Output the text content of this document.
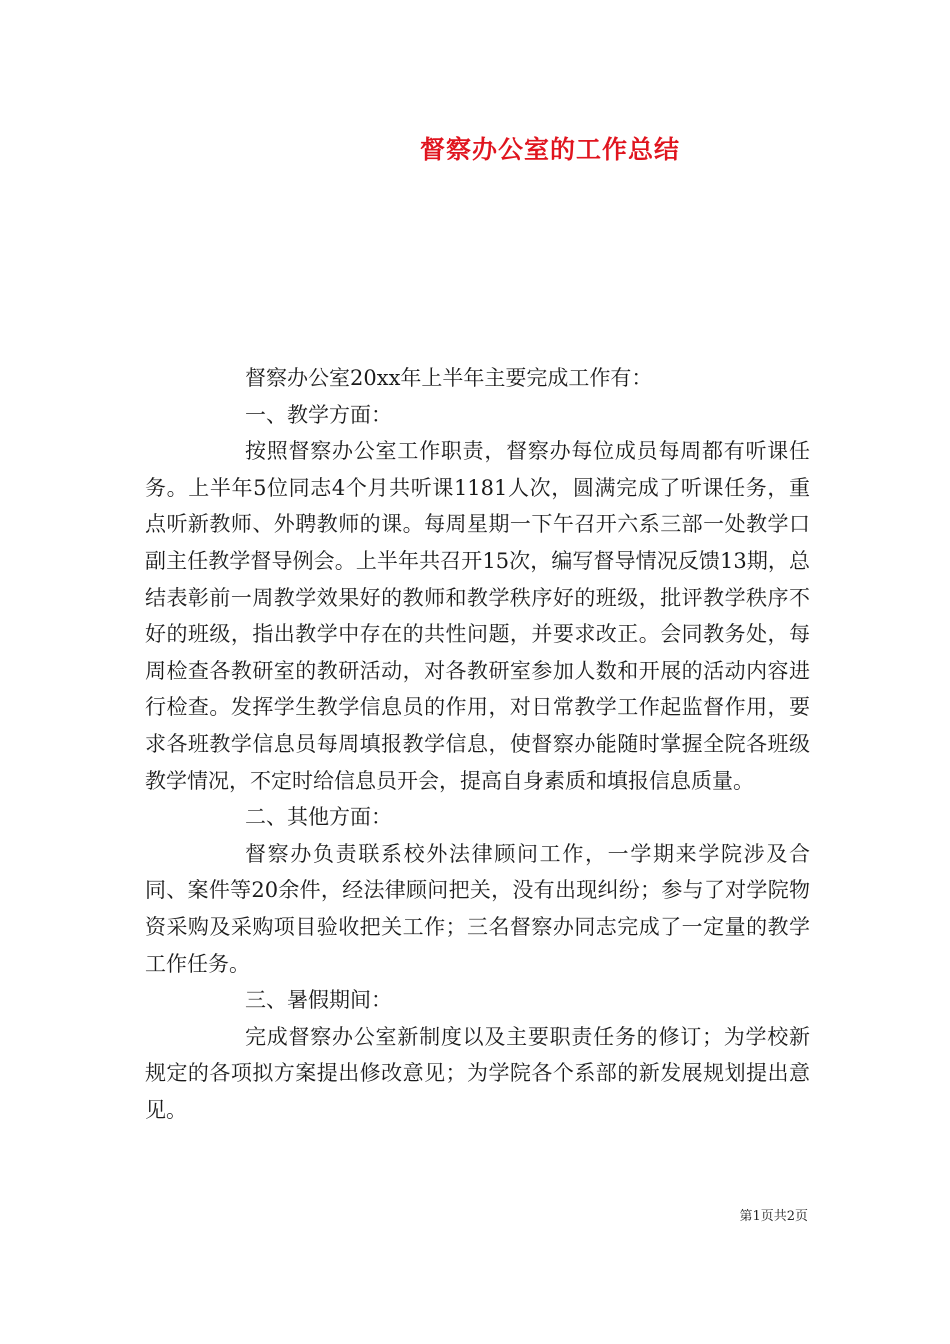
督察办公室的工作总结

督察办公室20xx年上半年主要完成工作有：

一、教学方面：

按照督察办公室工作职责，督察办每位成员每周都有听课任务。上半年5位同志4个月共听课1181人次，圆满完成了听课任务，重点听新教师、外聘教师的课。每周星期一下午召开六系三部一处教学口副主任教学督导例会。上半年共召开15次，编写督导情况反馈13期，总结表彰前一周教学效果好的教师和教学秩序好的班级，批评教学秩序不好的班级，指出教学中存在的共性问题，并要求改正。会同教务处，每周检查各教研室的教研活动，对各教研室参加人数和开展的活动内容进行检查。发挥学生教学信息员的作用，对日常教学工作起监督作用，要求各班教学信息员每周填报教学信息，使督察办能随时掌握全院各班级教学情况，不定时给信息员开会，提高自身素质和填报信息质量。

二、其他方面：

督察办负责联系校外法律顾问工作，一学期来学院涉及合同、案件等20余件，经法律顾问把关，没有出现纠纷；参与了对学院物资采购及采购项目验收把关工作；三名督察办同志完成了一定量的教学工作任务。

三、暑假期间：

完成督察办公室新制度以及主要职责任务的修订；为学校新规定的各项拟方案提出修改意见；为学院各个系部的新发展规划提出意见。

第1页共2页
